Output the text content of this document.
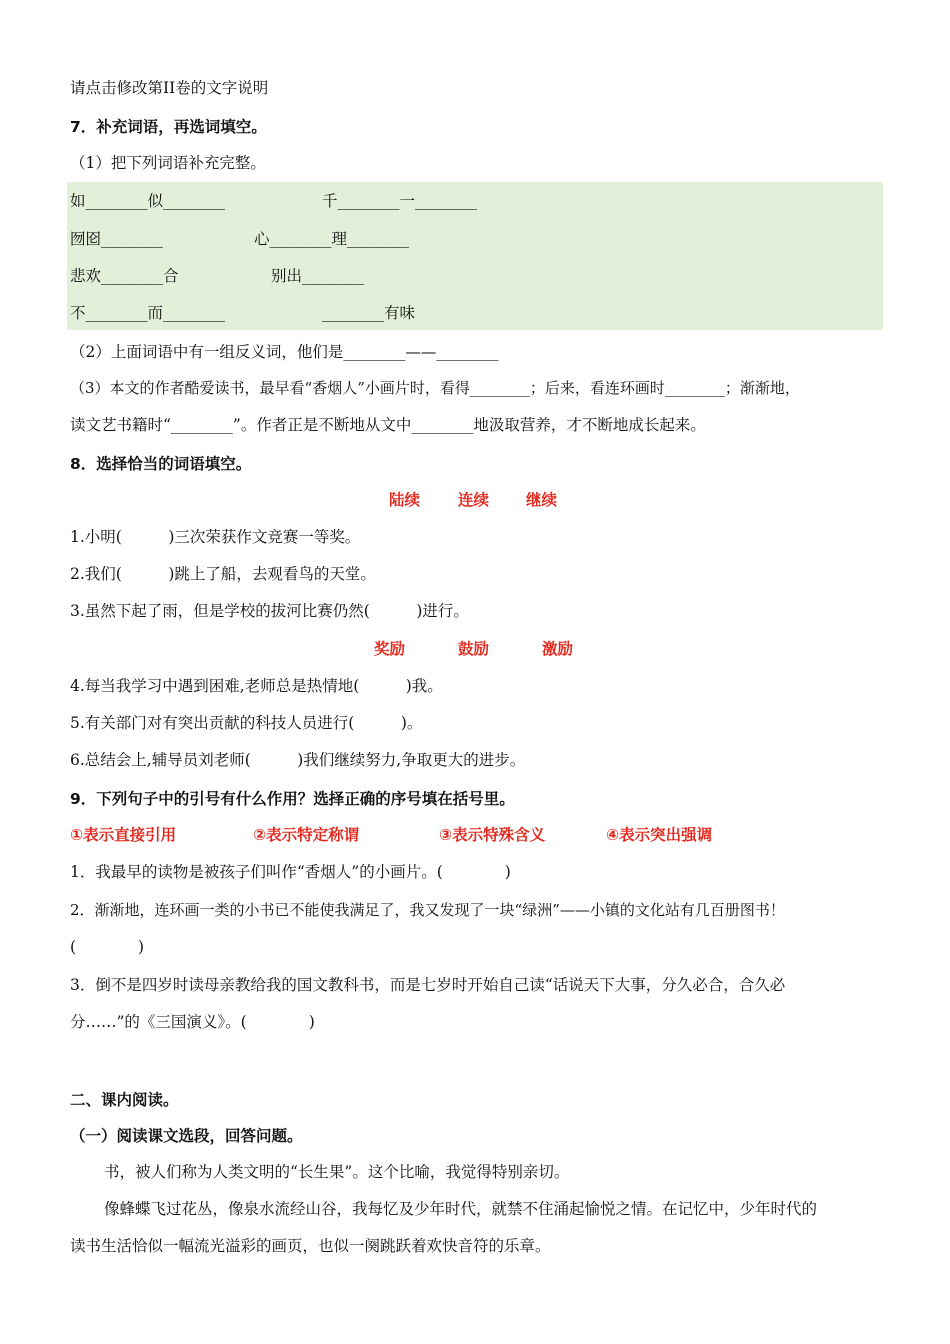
请点击修改第II卷的文字说明
7．补充词语，再选词填空。
（1）把下列词语补充完整。
如________似________	千________一________
囫囵________	心________理________
悲欢________合	别出________
不________而________	________有味
（2）上面词语中有一组反义词，他们是________——________
（3）本文的作者酷爱读书，最早看“香烟人”小画片时，看得________；后来，看连环画时________；渐渐地，
读文艺书籍时“________”。作者正是不断地从文中________地汲取营养，才不断地成长起来。
8．选择恰当的词语填空。
陆续 连续 继续
1.小明(　　　)三次荣获作文竞赛一等奖。
2.我们(　　　)跳上了船，去观看鸟的天堂。
3.虽然下起了雨，但是学校的拔河比赛仍然(　　　)进行。
奖励	鼓励	激励
4.每当我学习中遇到困难,老师总是热情地(　　　)我。
5.有关部门对有突出贡献的科技人员进行(　　　)。
6.总结会上,辅导员刘老师(　　　)我们继续努力,争取更大的进步。
9．下列句子中的引号有什么作用？选择正确的序号填在括号里。
①表示直接引用	②表示特定称谓	③表示特殊含义	④表示突出强调
1．我最早的读物是被孩子们叫作“香烟人”的小画片。(　　　　)
2．渐渐地，连环画一类的小书已不能使我满足了，我又发现了一块“绿洲”——小镇的文化站有几百册图书！
(　　　　)
3．倒不是四岁时读母亲教给我的国文教科书，而是七岁时开始自己读“话说天下大事，分久必合，合久必
分……”的《三国演义》。(　　　　)
二、课内阅读。
（一）阅读课文选段，回答问题。
书，被人们称为人类文明的“长生果”。这个比喻，我觉得特别亲切。
像蜂蝶飞过花丛，像泉水流经山谷，我每忆及少年时代，就禁不住涌起愉悦之情。在记忆中，少年时代的
读书生活恰似一幅流光溢彩的画页，也似一阕跳跃着欢快音符的乐章。
